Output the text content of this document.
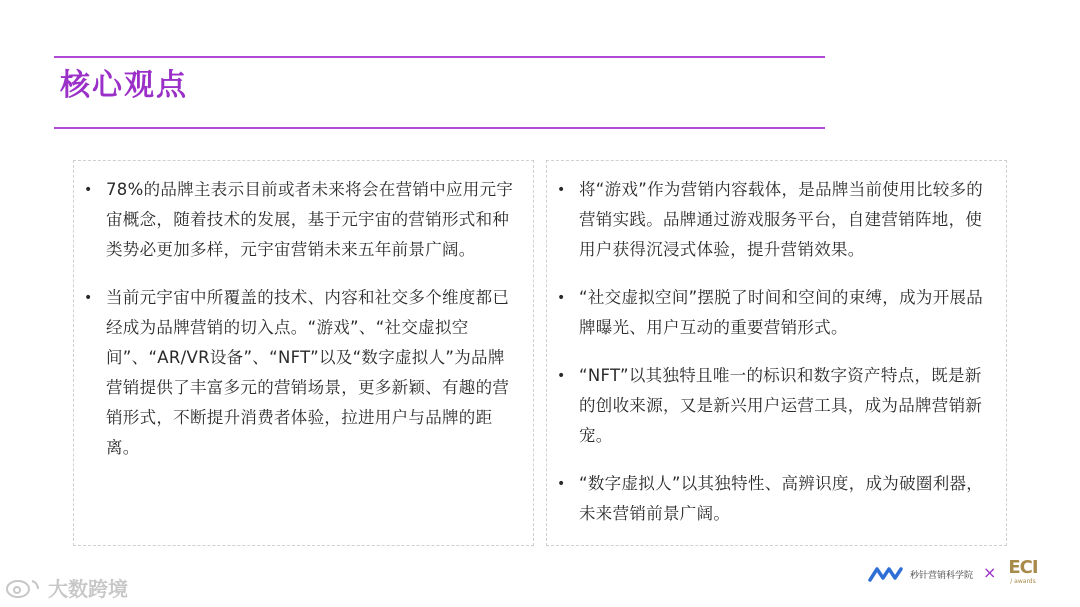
核心观点
• 78%的品牌主表示目前或者未来将会在营销中应用元宇宙概念，随着技术的发展，基于元宇宙的营销形式和种类势必更加多样，元宇宙营销未来五年前景广阔。
• 当前元宇宙中所覆盖的技术、内容和社交多个维度都已经成为品牌营销的切入点。“游戏”、“社交虚拟空间”、“AR/VR设备”、“NFT”以及“数字虚拟人”为品牌营销提供了丰富多元的营销场景，更多新颖、有趣的营销形式，不断提升消费者体验，拉进用户与品牌的距离。
• 将“游戏”作为营销内容载体，是品牌当前使用比较多的营销实践。品牌通过游戏服务平台，自建营销阵地，使用户获得沉浸式体验，提升营销效果。
• “社交虚拟空间”摆脱了时间和空间的束缚，成为开展品牌曝光、用户互动的重要营销形式。
• “NFT”以其独特且唯一的标识和数字资产特点，既是新的创收来源，又是新兴用户运营工具，成为品牌营销新宠。
• “数字虚拟人”以其独特性、高辨识度，成为破圈利器，未来营销前景广阔。
秒针营销科学院 × ECI
/ awards
大数跨境
